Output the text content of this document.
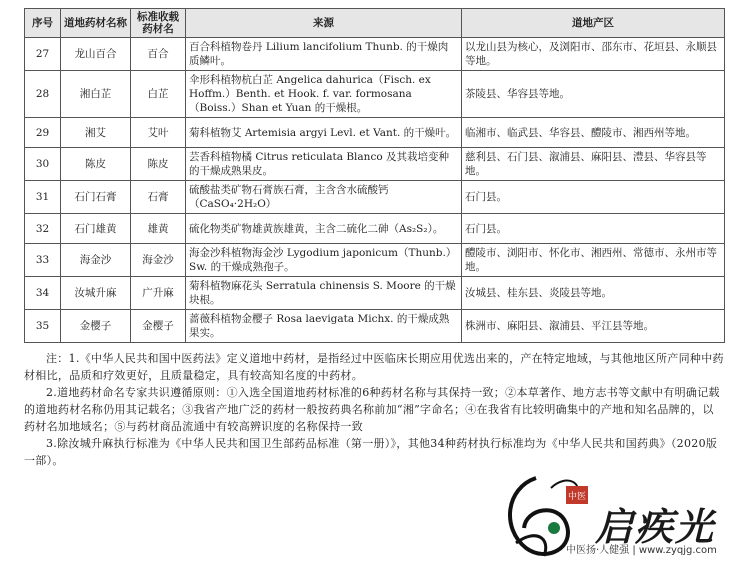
序号	道地药材名称	标准收载药材名	来源	道地产区
27	龙山百合	百合	百合科植物卷丹 Lilium lancifolium Thunb. 的干燥肉质鳞叶。	以龙山县为核心，及浏阳市、邵东市、花垣县、永顺县等地。
28	湘白芷	白芷	伞形科植物杭白芷 Angelica dahurica（Fisch. ex Hoffm.）Benth. et Hook. f. var. formosana（Boiss.）Shan et Yuan 的干燥根。	茶陵县、华容县等地。
29	湘艾	艾叶	菊科植物艾 Artemisia argyi Levl. et Vant. 的干燥叶。	临湘市、临武县、华容县、醴陵市、湘西州等地。
30	陈皮	陈皮	芸香科植物橘 Citrus reticulata Blanco 及其栽培变种的干燥成熟果皮。	慈利县、石门县、溆浦县、麻阳县、澧县、华容县等地。
31	石门石膏	石膏	硫酸盐类矿物石膏族石膏，主含含水硫酸钙（CaSO₄·2H₂O）	石门县。
32	石门雄黄	雄黄	硫化物类矿物雄黄族雄黄，主含二硫化二砷（As₂S₂）。	石门县。
33	海金沙	海金沙	海金沙科植物海金沙 Lygodium japonicum（Thunb.）Sw. 的干燥成熟孢子。	醴陵市、浏阳市、怀化市、湘西州、常德市、永州市等地。
34	汝城升麻	广升麻	菊科植物麻花头 Serratula chinensis S. Moore 的干燥块根。	汝城县、桂东县、炎陵县等地。
35	金樱子	金樱子	蔷薇科植物金樱子 Rosa laevigata Michx. 的干燥成熟果实。	株洲市、麻阳县、溆浦县、平江县等地。

注：1.《中华人民共和国中医药法》定义道地中药材，是指经过中医临床长期应用优选出来的，产在特定地域，与其他地区所产同种中药材相比，品质和疗效更好，且质量稳定，具有较高知名度的中药材。

2.道地药材命名专家共识遵循原则：①入选全国道地药材标准的6种药材名称与其保持一致；②本草著作、地方志书等文献中有明确记载的道地药材名称仍用其记载名；③我省产地广泛的药材一般按药典名称前加“湘”字命名；④在我省有比较明确集中的产地和知名品牌的，以药材名加地域名；⑤与药材商品流通中有较高辨识度的名称保持一致

3.除汝城升麻执行标准为《中华人民共和国卫生部药品标准（第一册）》，其他34种药材执行标准均为《中华人民共和国药典》（2020版一部）。

中医
启疾光
中医扬·人健强 | www.zyqjg.com
